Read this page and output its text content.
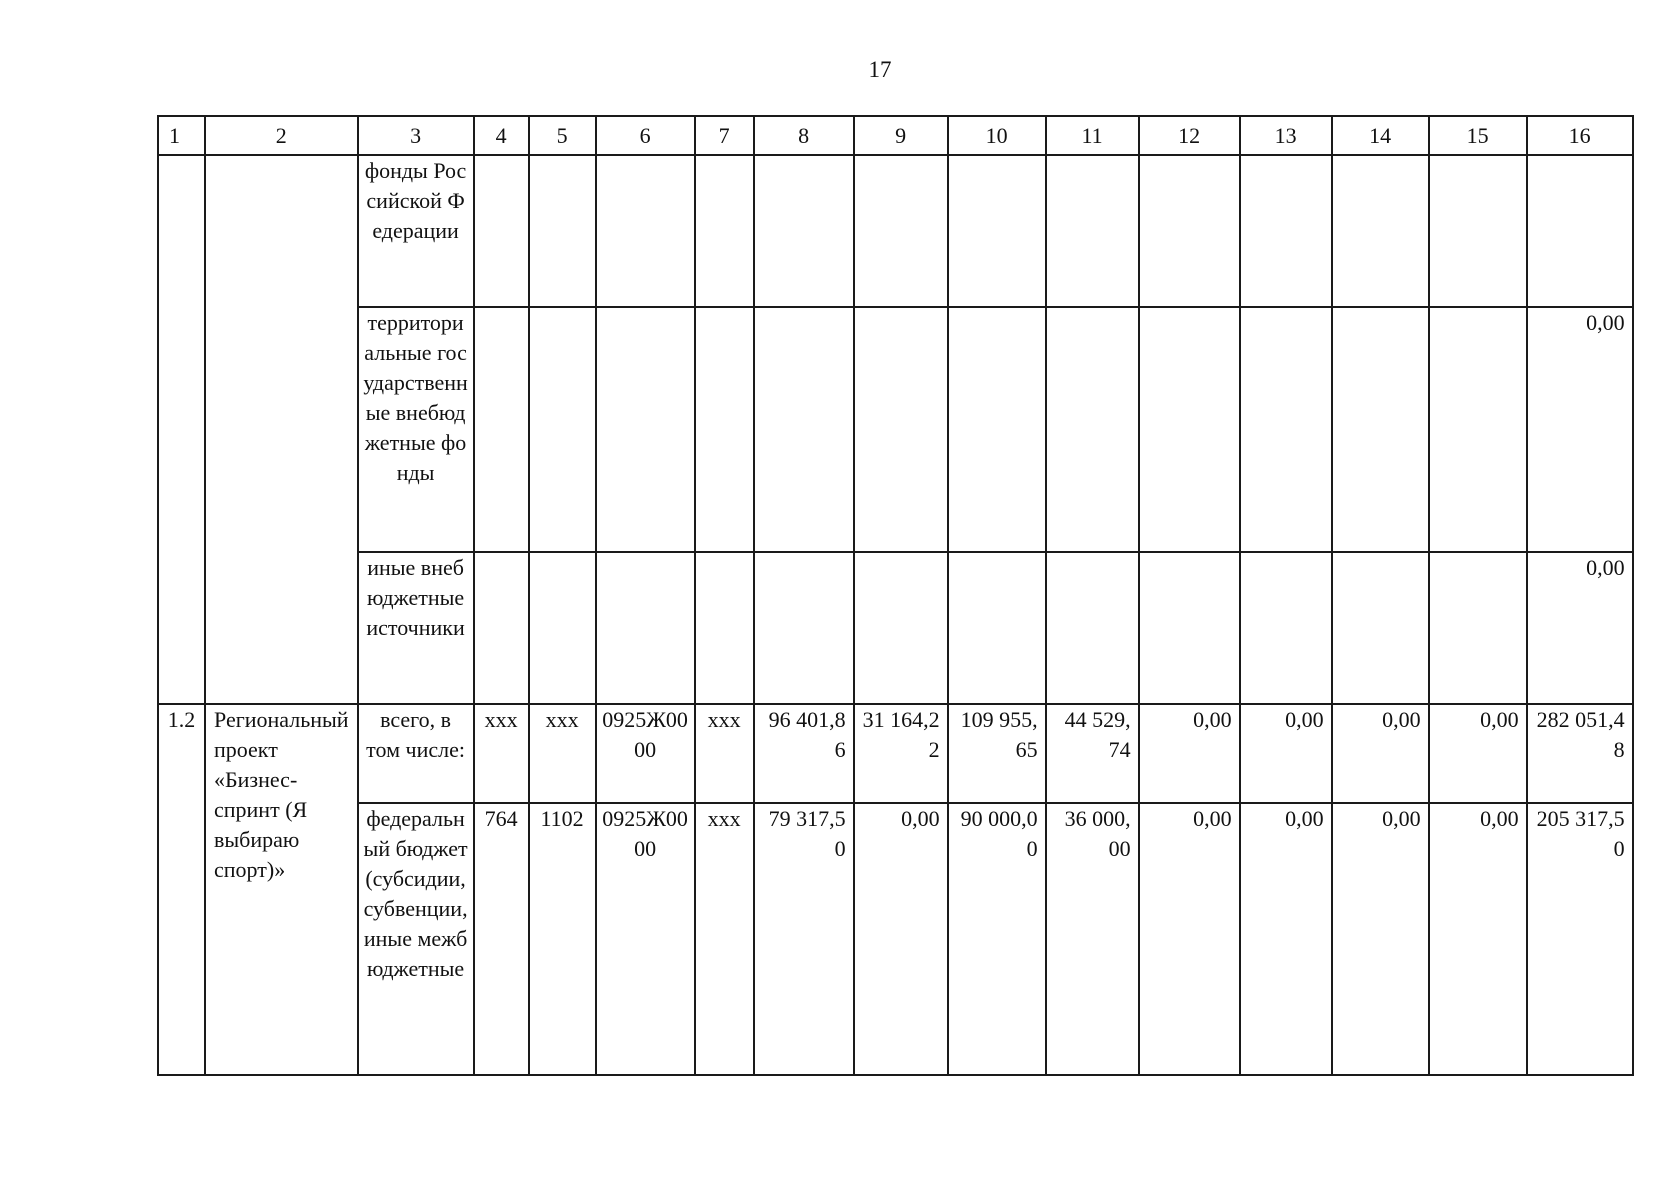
17
1	2	3	4	5	6	7	8	9	10	11	12	13	14	15	16
		фонды Российской Федерации													
		территориальные государственные внебюджетные фонды													0,00
		иные внебюджетные источники													0,00
1.2	Региональный проект «Бизнес-спринт (Я выбираю спорт)»	всего, в том числе:	ххх	ххх	0925Ж0000	ххх	96 401,86	31 164,22	109 955,65	44 529,74	0,00	0,00	0,00	0,00	282 051,48
		федеральный бюджет (субсидии, субвенции, иные межбюджетные	764	1102	0925Ж0000	ххх	79 317,50	0,00	90 000,00	36 000,00	0,00	0,00	0,00	0,00	205 317,50
